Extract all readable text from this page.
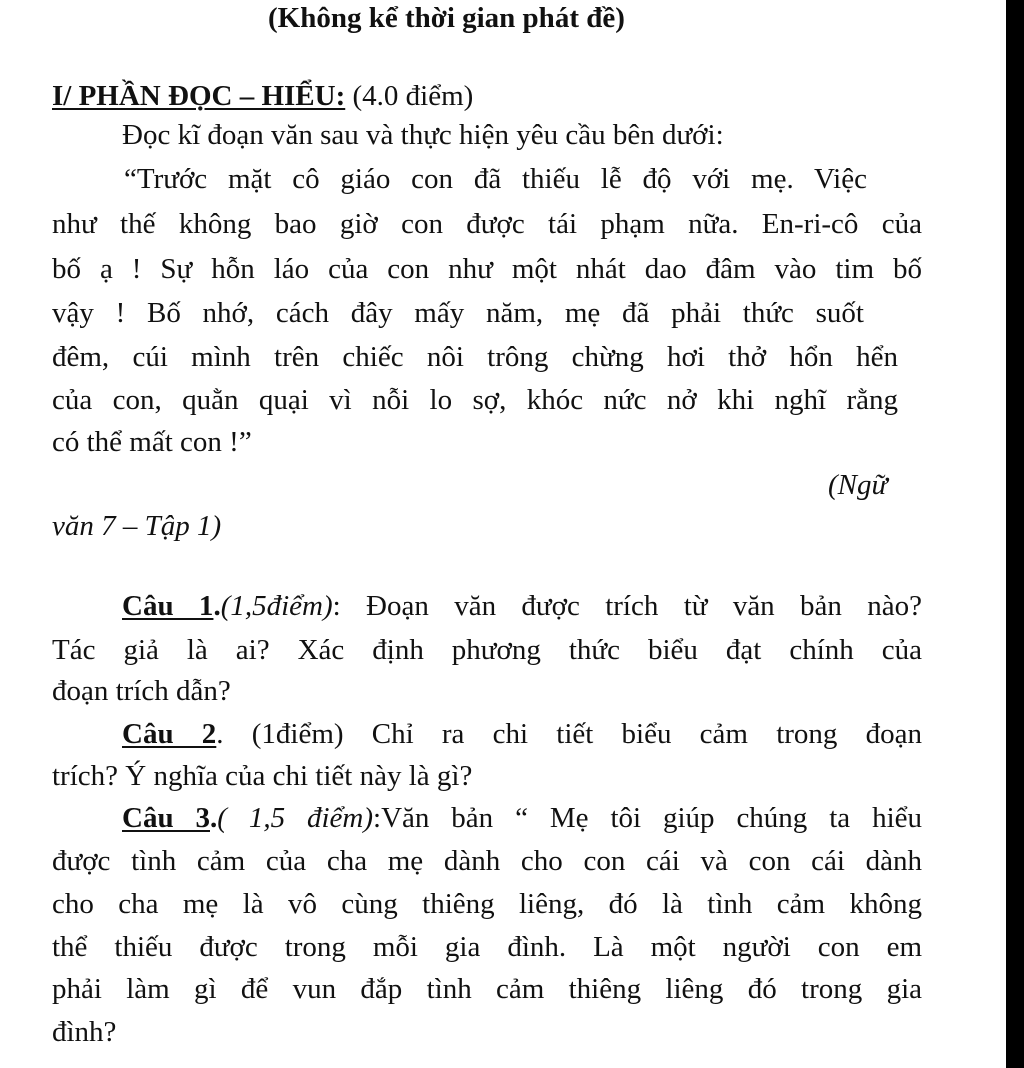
(Không kể thời gian phát đề)
I/ PHẦN ĐỌC – HIỂU: (4.0 điểm)
Đọc kĩ đoạn văn sau và thực hiện yêu cầu bên dưới:
“Trước mặt cô giáo con đã thiếu lễ độ với mẹ. Việc
như thế không bao giờ con được tái phạm nữa. En-ri-cô của
bố ạ ! Sự hỗn láo của con như một nhát dao đâm vào tim bố
vậy ! Bố nhớ, cách đây mấy năm, mẹ đã phải thức suốt
đêm, cúi mình trên chiếc nôi trông chừng hơi thở hổn hển
của con, quằn quại vì nỗi lo sợ, khóc nức nở khi nghĩ rằng
có thể mất con !”
(Ngữ
văn 7 – Tập 1)
Câu 1.(1,5điểm): Đoạn văn được trích từ văn bản nào?
Tác giả là ai? Xác định phương thức biểu đạt chính của
đoạn trích dẫn?
Câu 2. (1điểm) Chỉ ra chi tiết biểu cảm trong đoạn
trích? Ý nghĩa của chi tiết này là gì?
Câu 3.( 1,5 điểm):Văn bản “ Mẹ tôi giúp chúng ta hiểu
được tình cảm của cha mẹ dành cho con cái và con cái dành
cho cha mẹ là vô cùng thiêng liêng, đó là tình cảm không
thể thiếu được trong mỗi gia đình. Là một người con em
phải làm gì để vun đắp tình cảm thiêng liêng đó trong gia
đình?
